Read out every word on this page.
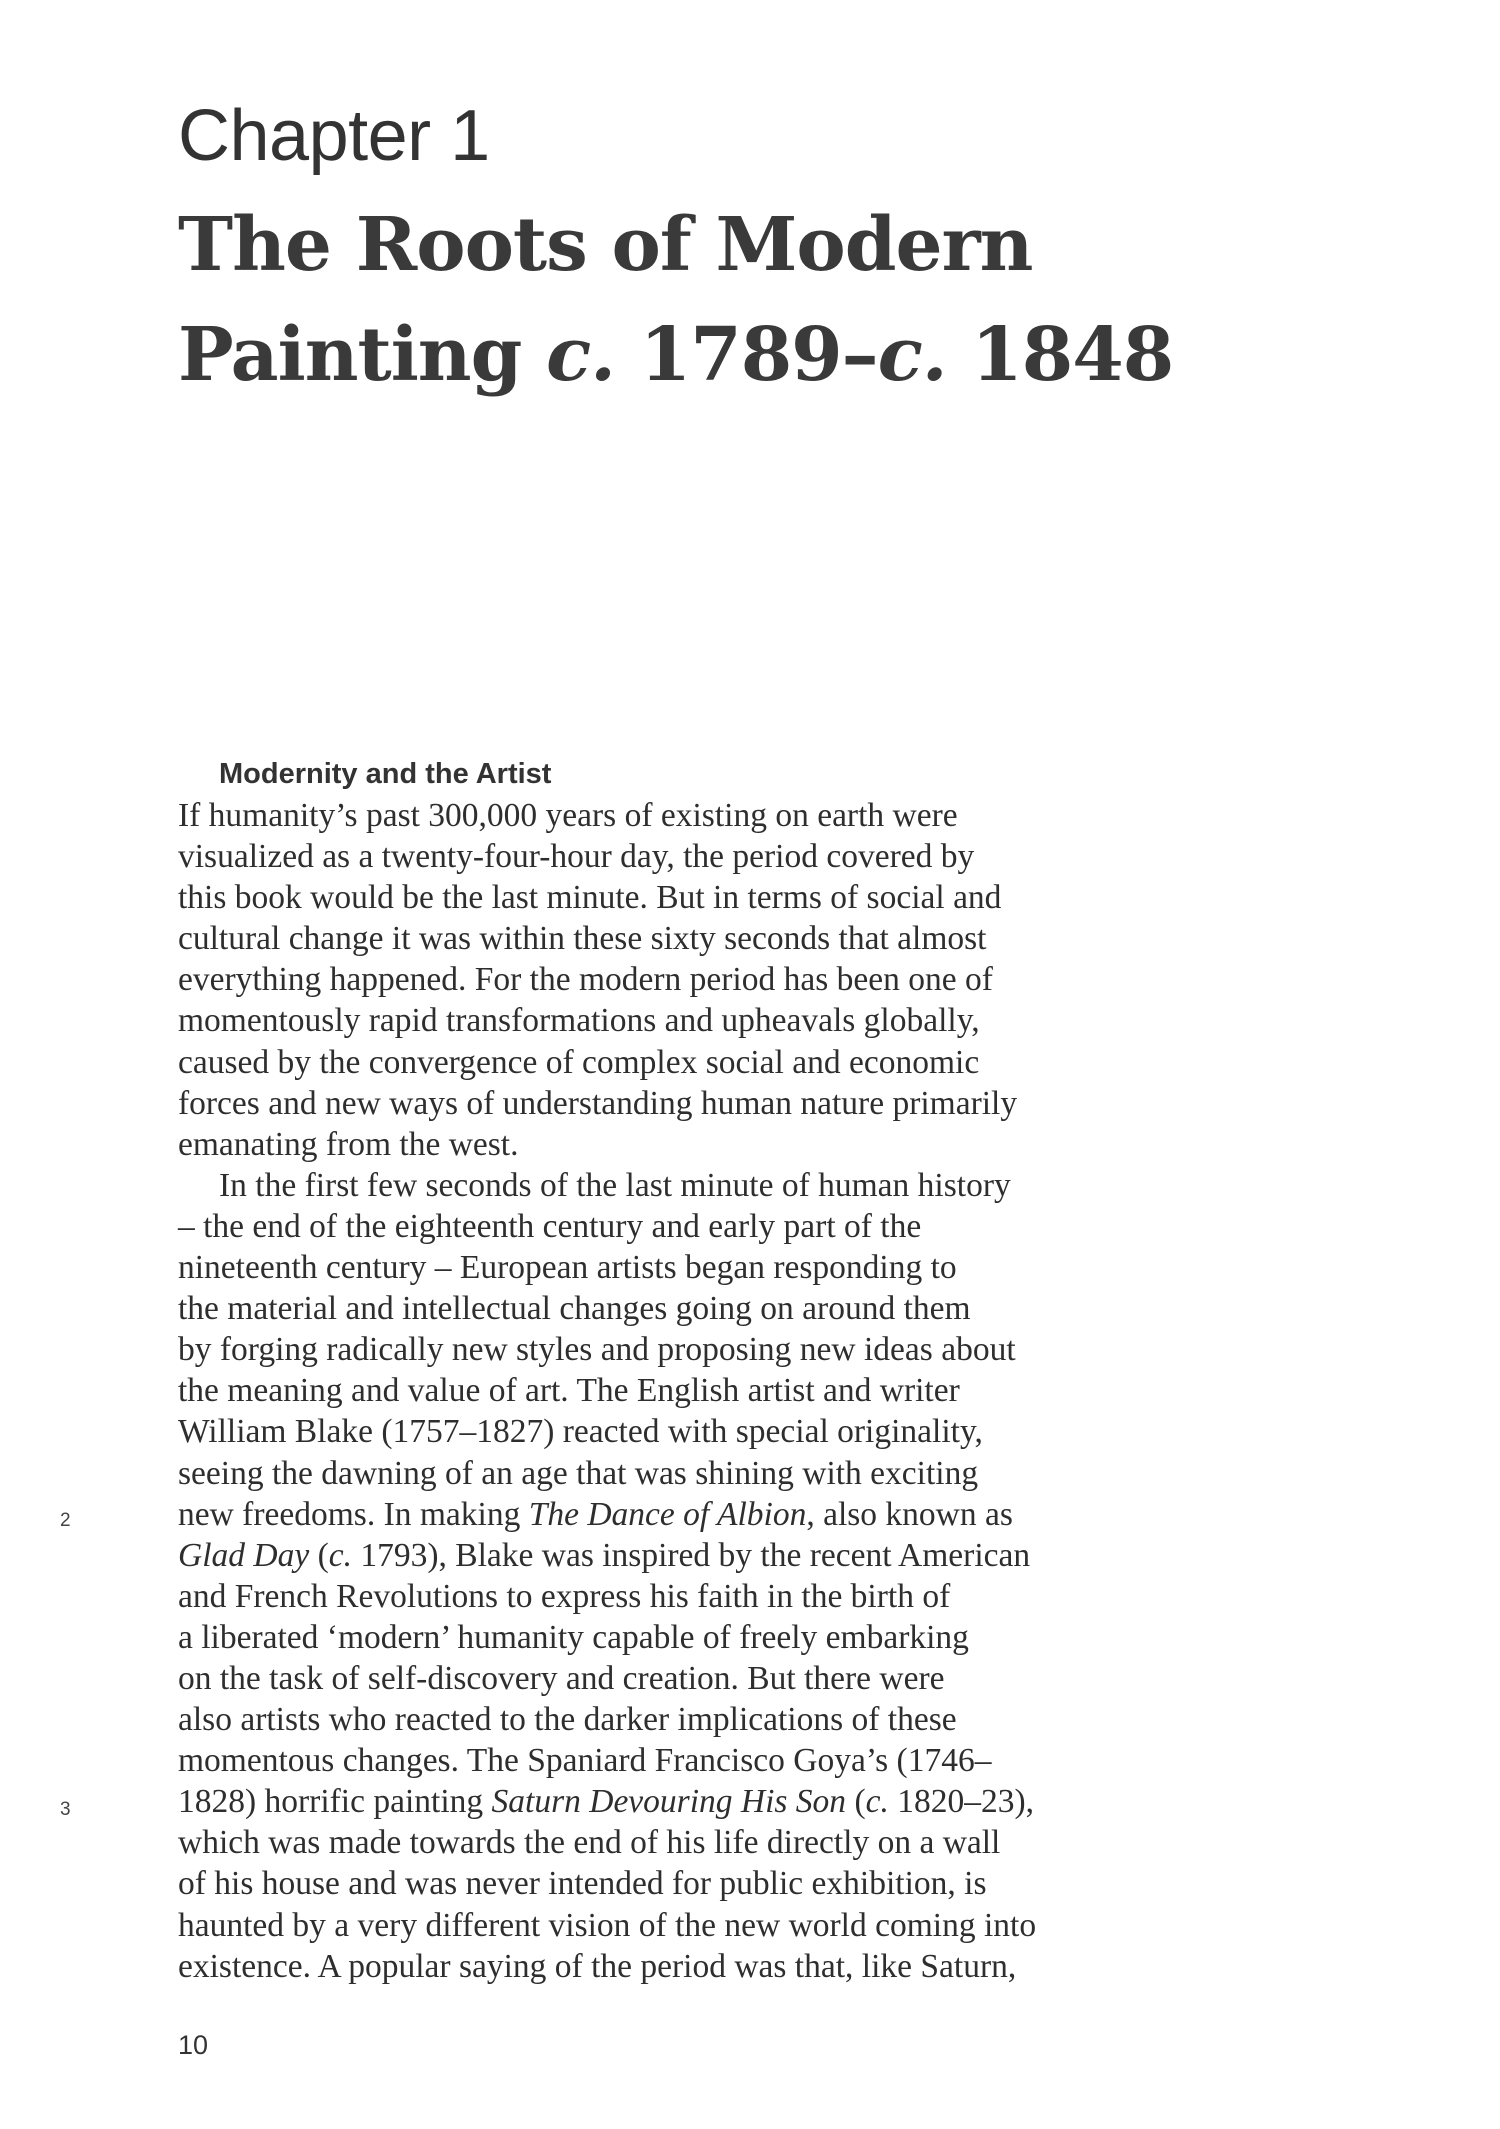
Chapter 1
The Roots of Modern
Painting c. 1789–c. 1848
Modernity and the Artist
If humanity’s past 300,000 years of existing on earth were
visualized as a twenty-four-hour day, the period covered by
this book would be the last minute. But in terms of social and
cultural change it was within these sixty seconds that almost
everything happened. For the modern period has been one of
momentously rapid transformations and upheavals globally,
caused by the convergence of complex social and economic
forces and new ways of understanding human nature primarily
emanating from the west.
In the first few seconds of the last minute of human history
– the end of the eighteenth century and early part of the
nineteenth century – European artists began responding to
the material and intellectual changes going on around them
by forging radically new styles and proposing new ideas about
the meaning and value of art. The English artist and writer
William Blake (1757–1827) reacted with special originality,
seeing the dawning of an age that was shining with exciting
new freedoms. In making The Dance of Albion, also known as
Glad Day (c. 1793), Blake was inspired by the recent American
and French Revolutions to express his faith in the birth of
a liberated ‘modern’ humanity capable of freely embarking
on the task of self-discovery and creation. But there were
also artists who reacted to the darker implications of these
momentous changes. The Spaniard Francisco Goya’s (1746–
1828) horrific painting Saturn Devouring His Son (c. 1820–23),
which was made towards the end of his life directly on a wall
of his house and was never intended for public exhibition, is
haunted by a very different vision of the new world coming into
existence. A popular saying of the period was that, like Saturn,
2
3
10
